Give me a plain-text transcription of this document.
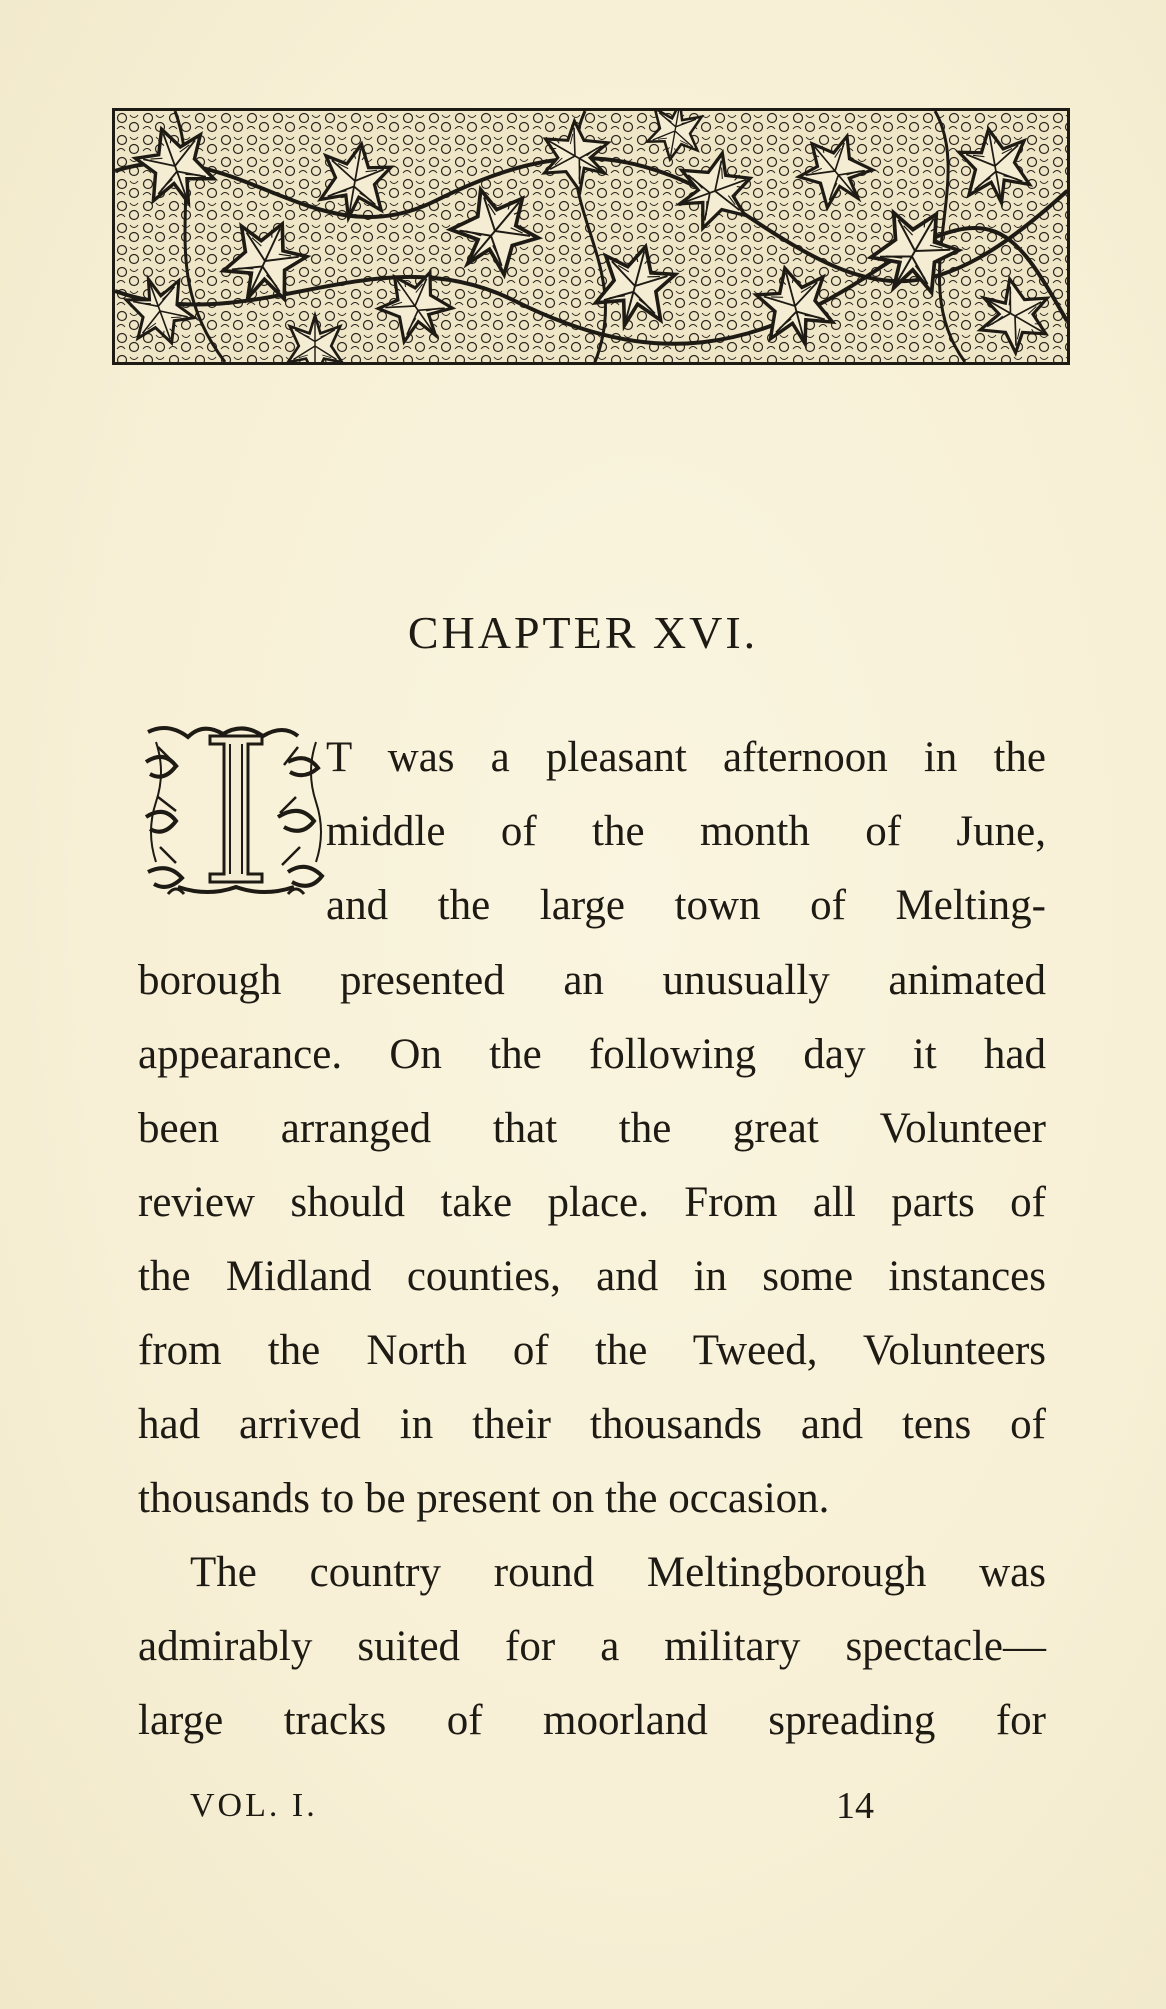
CHAPTER XVI.
T was a pleasant afternoon in the
middle of the month of June,
and the large town of Melting-
borough presented an unusually animated
appearance. On the following day it had
been arranged that the great Volunteer
review should take place. From all parts of
the Midland counties, and in some instances
from the North of the Tweed, Volunteers
had arrived in their thousands and tens of
thousands to be present on the occasion.
The country round Meltingborough was
admirably suited for a military spectacle—
large tracks of moorland spreading for
VOL. I.	14
